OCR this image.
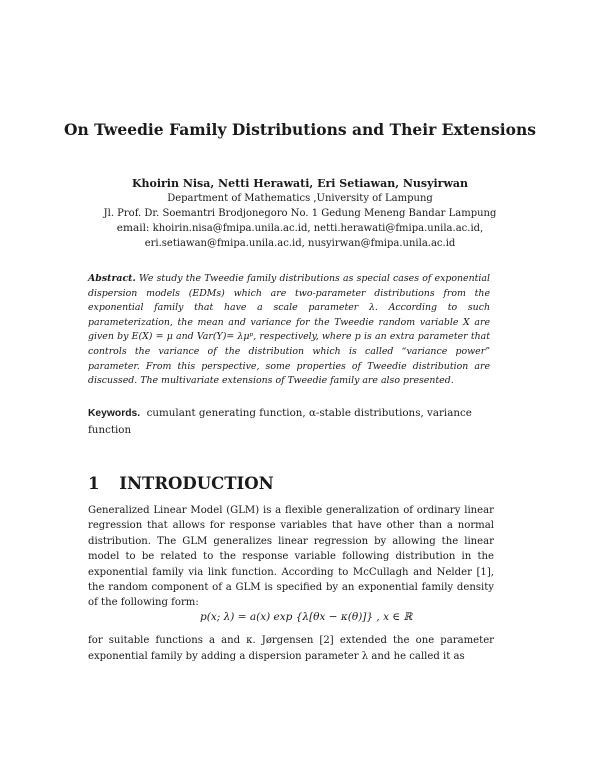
On Tweedie Family Distributions and Their Extensions

Khoirin Nisa, Netti Herawati, Eri Setiawan, Nusyirwan

Department of Mathematics ,University of Lampung
Jl. Prof. Dr. Soemantri Brodjonegoro No. 1 Gedung Meneng Bandar Lampung
email: khoirin.nisa@fmipa.unila.ac.id, netti.herawati@fmipa.unila.ac.id,
eri.setiawan@fmipa.unila.ac.id, nusyirwan@fmipa.unila.ac.id

Abstract. We study the Tweedie family distributions as special cases of exponential dispersion models (EDMs) which are two-parameter distributions from the exponential family that have a scale parameter λ. According to such parameterization, the mean and variance for the Tweedie random variable X are given by E(X) = μ and Var(Y)= λμᵖ, respectively, where p is an extra parameter that controls the variance of the distribution which is called “variance power” parameter. From this perspective, some properties of Tweedie distribution are discussed. The multivariate extensions of Tweedie family are also presented.

Keywords. cumulant generating function, α-stable distributions, variance function

1 INTRODUCTION

Generalized Linear Model (GLM) is a flexible generalization of ordinary linear regression that allows for response variables that have other than a normal distribution. The GLM generalizes linear regression by allowing the linear model to be related to the response variable following distribution in the exponential family via link function. According to McCullagh and Nelder [1], the random component of a GLM is specified by an exponential family density of the following form:

p(x; λ) = a(x) exp {λ[θx − κ(θ)]} , x ∈ ℝ

for suitable functions a and κ. Jørgensen [2] extended the one parameter exponential family by adding a dispersion parameter λ and he called it as
